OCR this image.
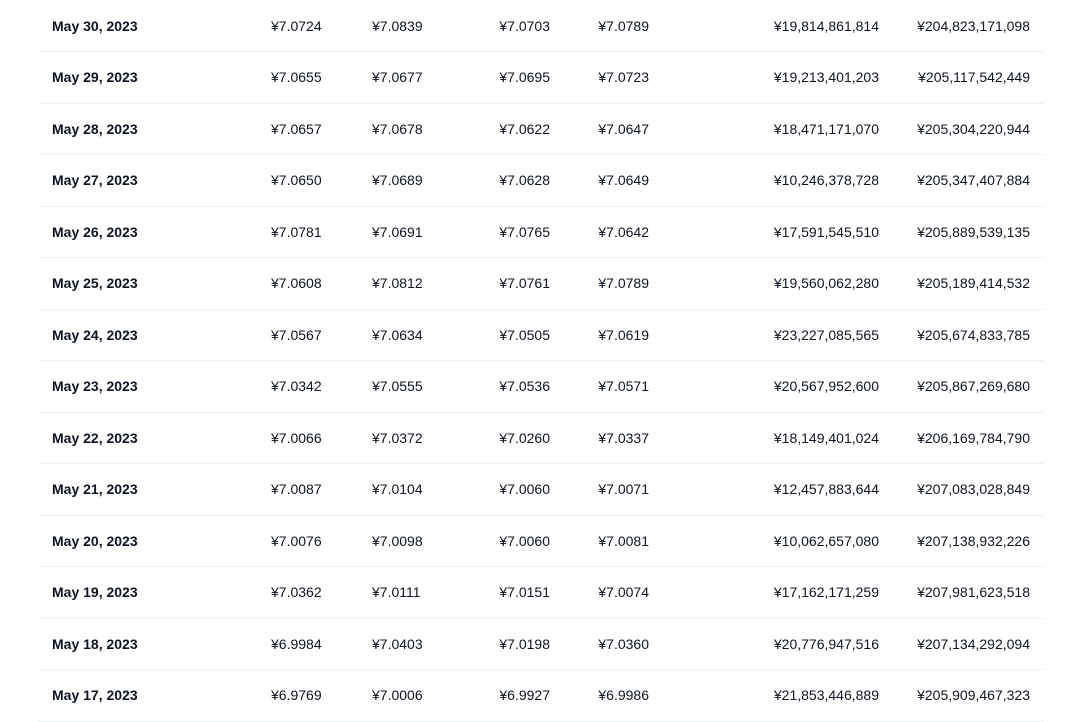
May 30, 2023	¥7.0724	¥7.0839	¥7.0703	¥7.0789	¥19,814,861,814	¥204,823,171,098
May 29, 2023	¥7.0655	¥7.0677	¥7.0695	¥7.0723	¥19,213,401,203	¥205,117,542,449
May 28, 2023	¥7.0657	¥7.0678	¥7.0622	¥7.0647	¥18,471,171,070	¥205,304,220,944
May 27, 2023	¥7.0650	¥7.0689	¥7.0628	¥7.0649	¥10,246,378,728	¥205,347,407,884
May 26, 2023	¥7.0781	¥7.0691	¥7.0765	¥7.0642	¥17,591,545,510	¥205,889,539,135
May 25, 2023	¥7.0608	¥7.0812	¥7.0761	¥7.0789	¥19,560,062,280	¥205,189,414,532
May 24, 2023	¥7.0567	¥7.0634	¥7.0505	¥7.0619	¥23,227,085,565	¥205,674,833,785
May 23, 2023	¥7.0342	¥7.0555	¥7.0536	¥7.0571	¥20,567,952,600	¥205,867,269,680
May 22, 2023	¥7.0066	¥7.0372	¥7.0260	¥7.0337	¥18,149,401,024	¥206,169,784,790
May 21, 2023	¥7.0087	¥7.0104	¥7.0060	¥7.0071	¥12,457,883,644	¥207,083,028,849
May 20, 2023	¥7.0076	¥7.0098	¥7.0060	¥7.0081	¥10,062,657,080	¥207,138,932,226
May 19, 2023	¥7.0362	¥7.0111	¥7.0151	¥7.0074	¥17,162,171,259	¥207,981,623,518
May 18, 2023	¥6.9984	¥7.0403	¥7.0198	¥7.0360	¥20,776,947,516	¥207,134,292,094
May 17, 2023	¥6.9769	¥7.0006	¥6.9927	¥6.9986	¥21,853,446,889	¥205,909,467,323
